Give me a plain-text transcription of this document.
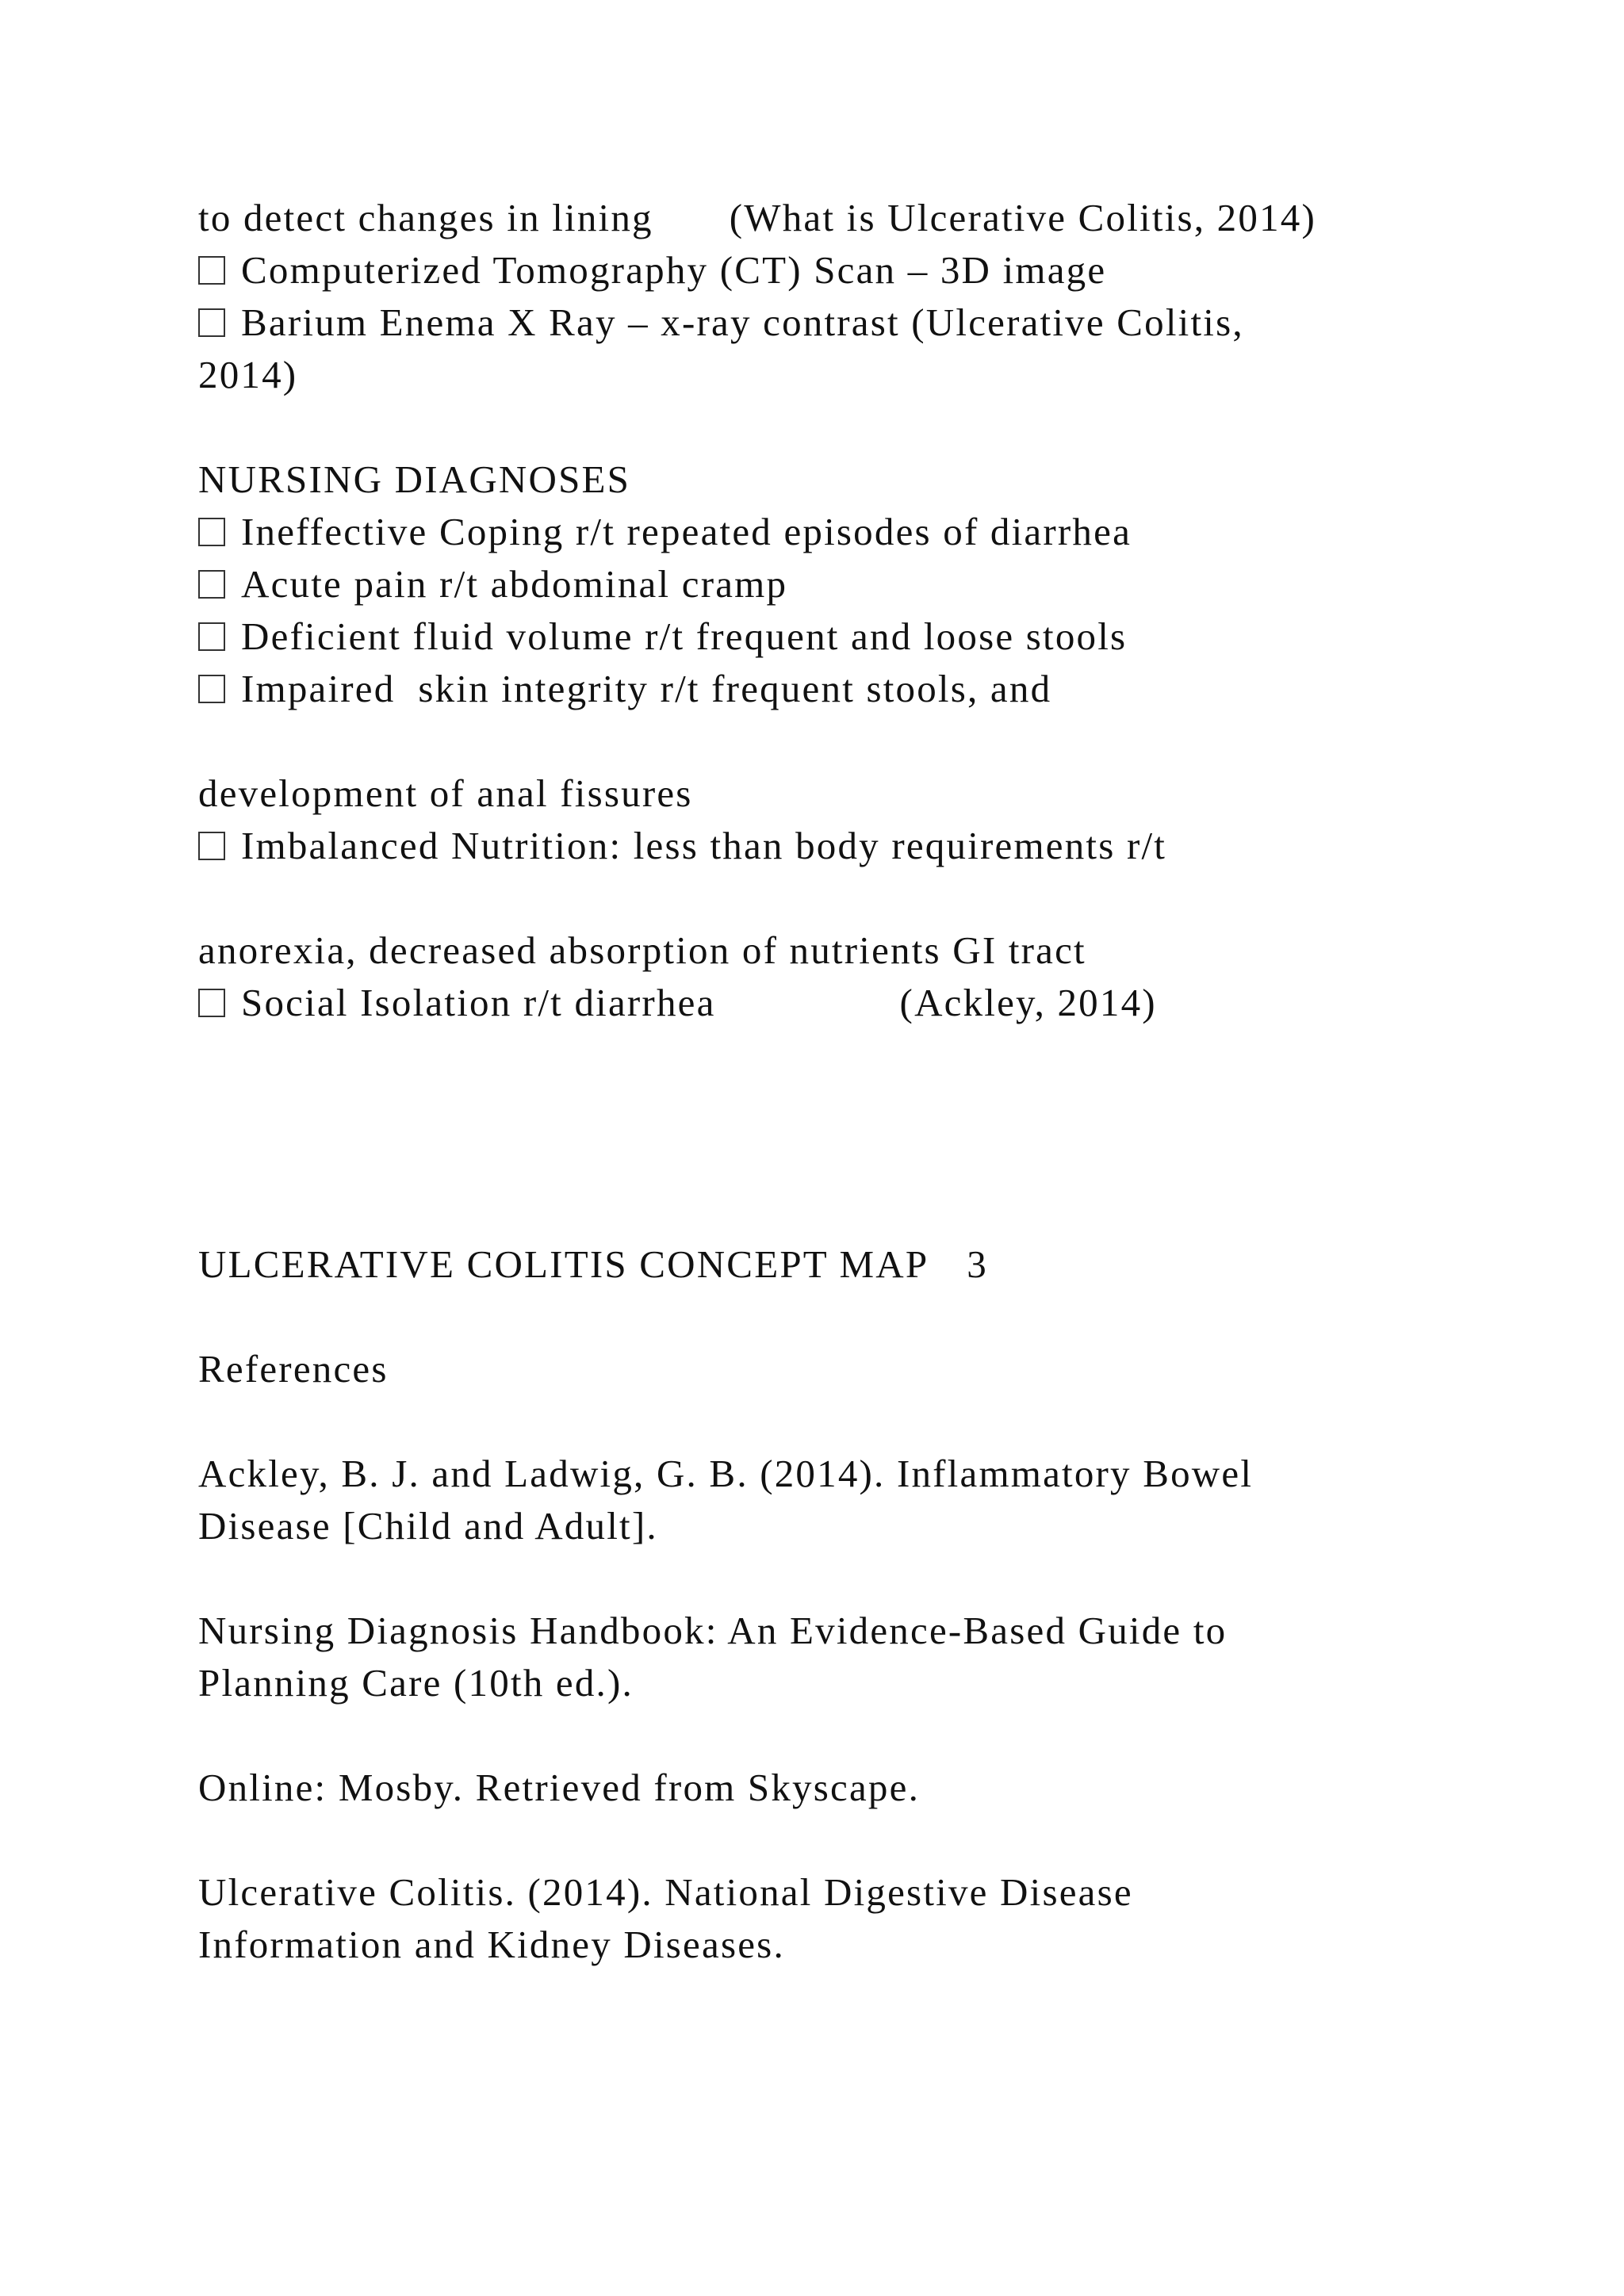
to detect changes in lining (What is Ulcerative Colitis, 2014)
Computerized Tomography (CT) Scan – 3D image
Barium Enema X Ray – x-ray contrast (Ulcerative Colitis,
2014)
NURSING DIAGNOSES
Ineffective Coping r/t repeated episodes of diarrhea
Acute pain r/t abdominal cramp
Deficient fluid volume r/t frequent and loose stools
Impaired  skin integrity r/t frequent stools, and
development of anal fissures
Imbalanced Nutrition: less than body requirements r/t
anorexia, decreased absorption of nutrients GI tract
Social Isolation r/t diarrhea	(Ackley, 2014)
ULCERATIVE COLITIS CONCEPT MAP 3
References
Ackley, B. J. and Ladwig, G. B. (2014). Inflammatory Bowel
Disease [Child and Adult].
Nursing Diagnosis Handbook: An Evidence-Based Guide to
Planning Care (10th ed.).
Online: Mosby. Retrieved from Skyscape.
Ulcerative Colitis. (2014). National Digestive Disease
Information and Kidney Diseases.
